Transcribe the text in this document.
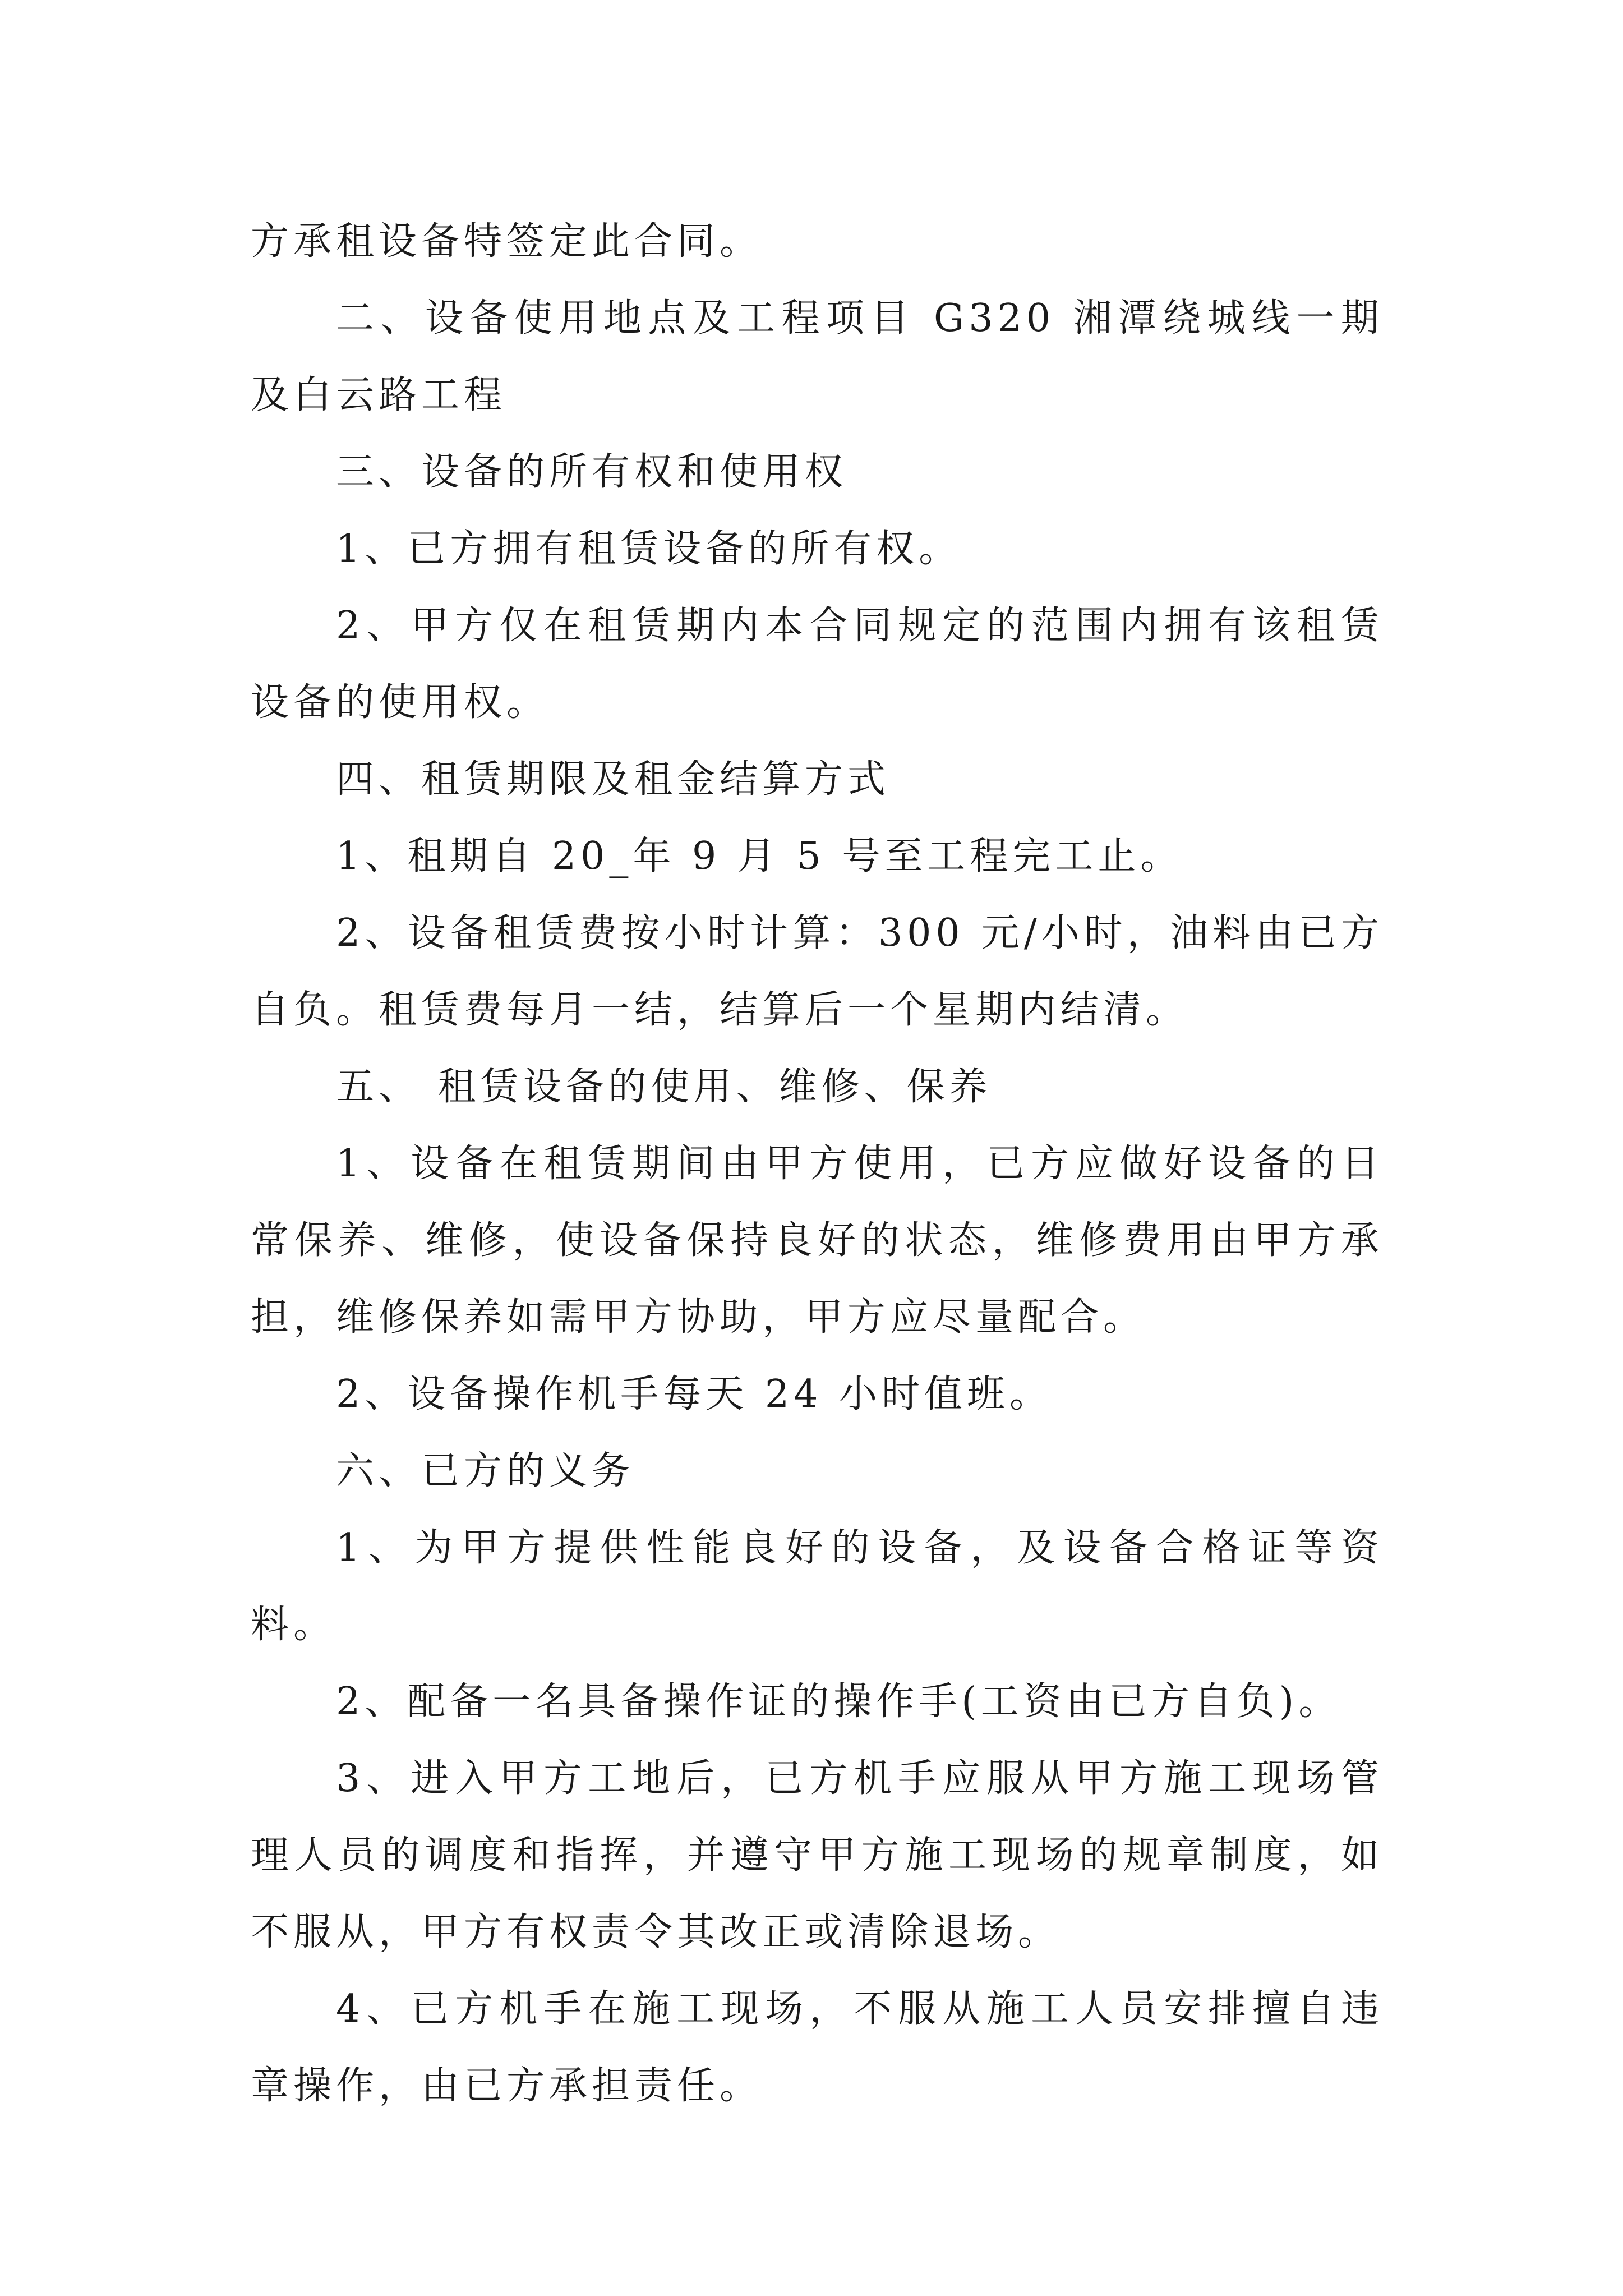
方承租设备特签定此合同。

二、设备使用地点及工程项目 G320 湘潭绕城线一期及白云路工程

三、设备的所有权和使用权

1、已方拥有租赁设备的所有权。

2、甲方仅在租赁期内本合同规定的范围内拥有该租赁设备的使用权。

四、租赁期限及租金结算方式

1、租期自 20_年 9 月 5 号至工程完工止。

2、设备租赁费按小时计算：300 元/小时，油料由已方自负。租赁费每月一结，结算后一个星期内结清。

五、 租赁设备的使用、维修、保养

1、设备在租赁期间由甲方使用，已方应做好设备的日常保养、维修，使设备保持良好的状态，维修费用由甲方承担，维修保养如需甲方协助，甲方应尽量配合。

2、设备操作机手每天 24 小时值班。

六、已方的义务

1、为甲方提供性能良好的设备，及设备合格证等资料。

2、配备一名具备操作证的操作手(工资由已方自负)。

3、进入甲方工地后，已方机手应服从甲方施工现场管理人员的调度和指挥，并遵守甲方施工现场的规章制度，如不服从，甲方有权责令其改正或清除退场。

4、已方机手在施工现场，不服从施工人员安排擅自违章操作，由已方承担责任。
